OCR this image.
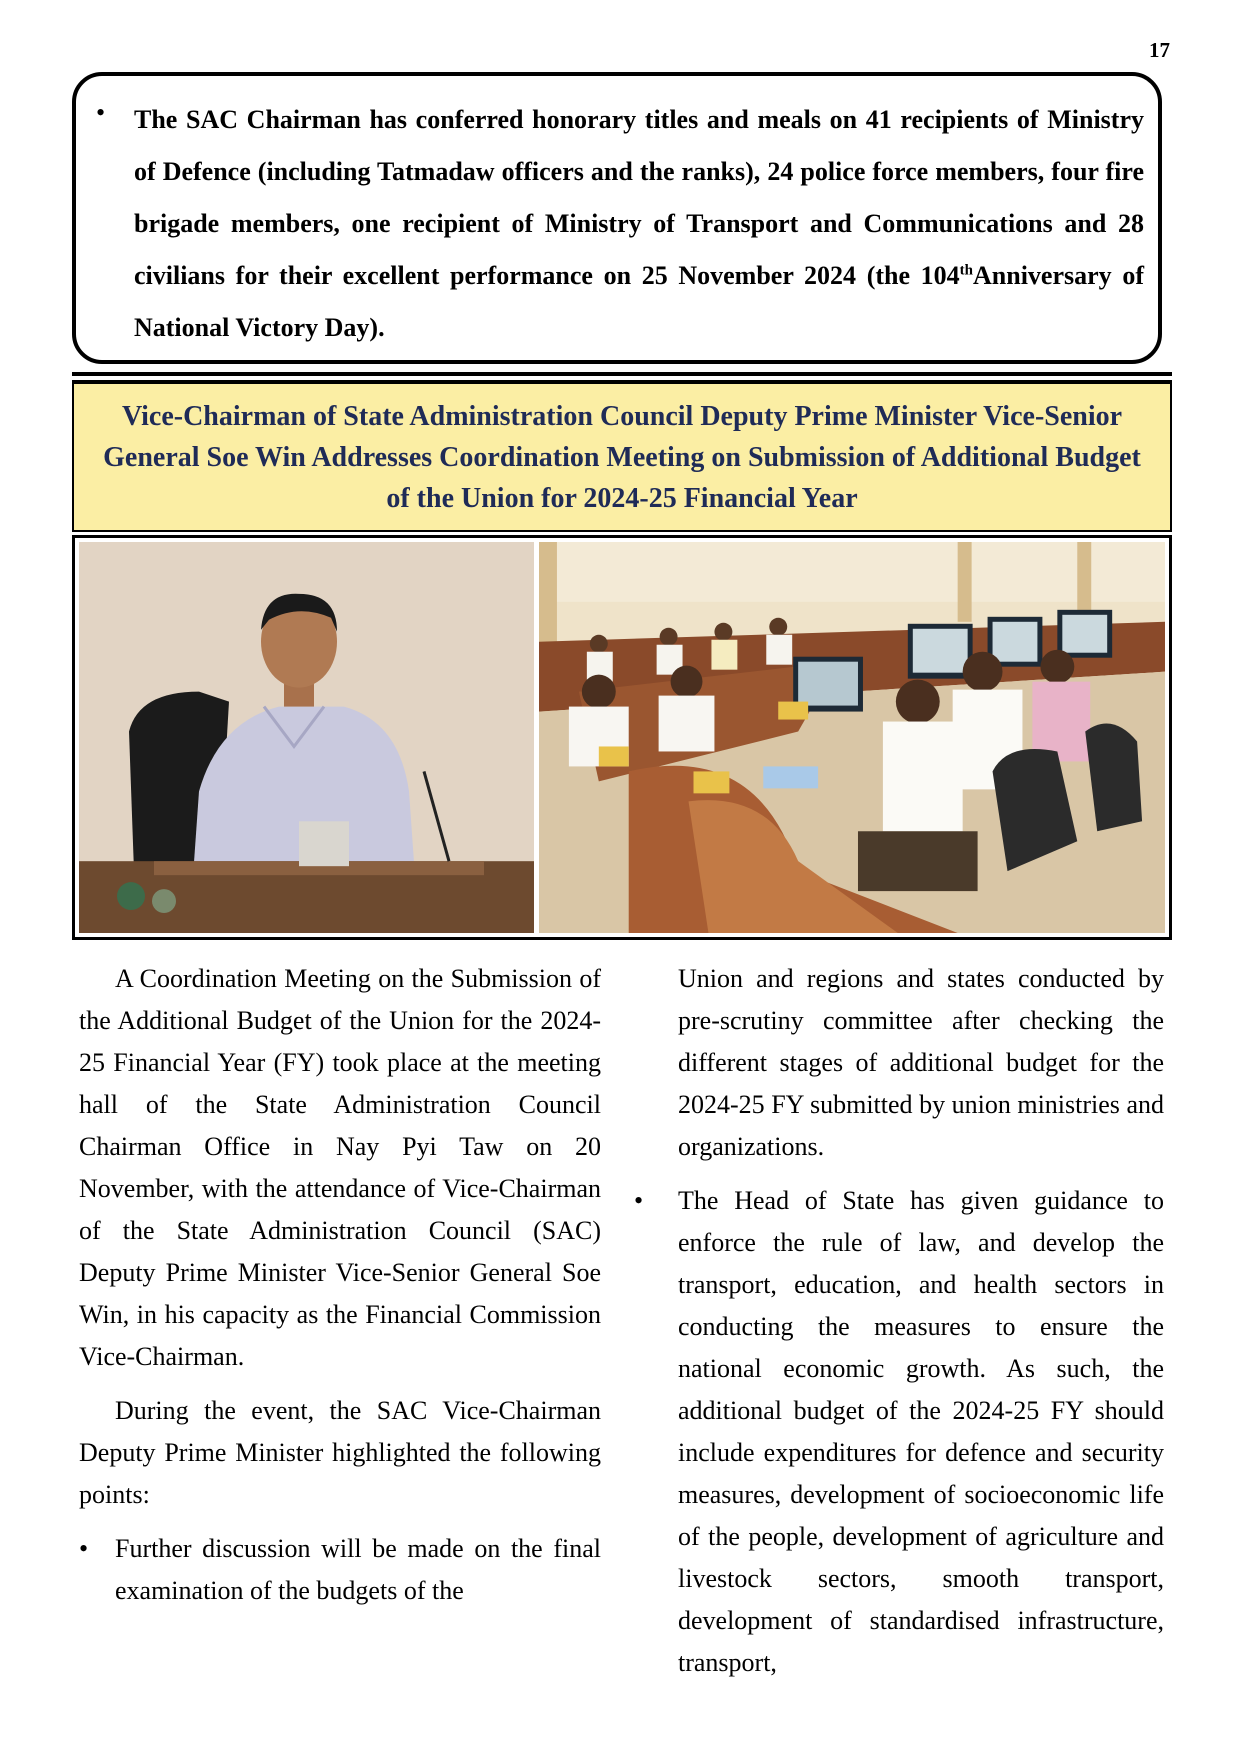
17
• The SAC Chairman has conferred honorary titles and meals on 41 recipients of Ministry of Defence (including Tatmadaw officers and the ranks), 24 police force members, four fire brigade members, one recipient of Ministry of Transport and Communications and 28 civilians for their excellent performance on 25 November 2024 (the 104thAnniversary of National Victory Day).

Vice-Chairman of State Administration Council Deputy Prime Minister Vice-Senior General Soe Win Addresses Coordination Meeting on Submission of Additional Budget of the Union for 2024-25 Financial Year

A Coordination Meeting on the Submission of the Additional Budget of the Union for the 2024-25 Financial Year (FY) took place at the meeting hall of the State Administration Council Chairman Office in Nay Pyi Taw on 20 November, with the attendance of Vice-Chairman of the State Administration Council (SAC) Deputy Prime Minister Vice-Senior General Soe Win, in his capacity as the Financial Commission Vice-Chairman.

During the event, the SAC Vice-Chairman Deputy Prime Minister highlighted the following points:

• Further discussion will be made on the final examination of the budgets of the

Union and regions and states conducted by pre-scrutiny committee after checking the different stages of additional budget for the 2024-25 FY submitted by union ministries and organizations.

• The Head of State has given guidance to enforce the rule of law, and develop the transport, education, and health sectors in conducting the measures to ensure the national economic growth. As such, the additional budget of the 2024-25 FY should include expenditures for defence and security measures, development of socioeconomic life of the people, development of agriculture and livestock sectors, smooth transport, development of standardised infrastructure, transport,
